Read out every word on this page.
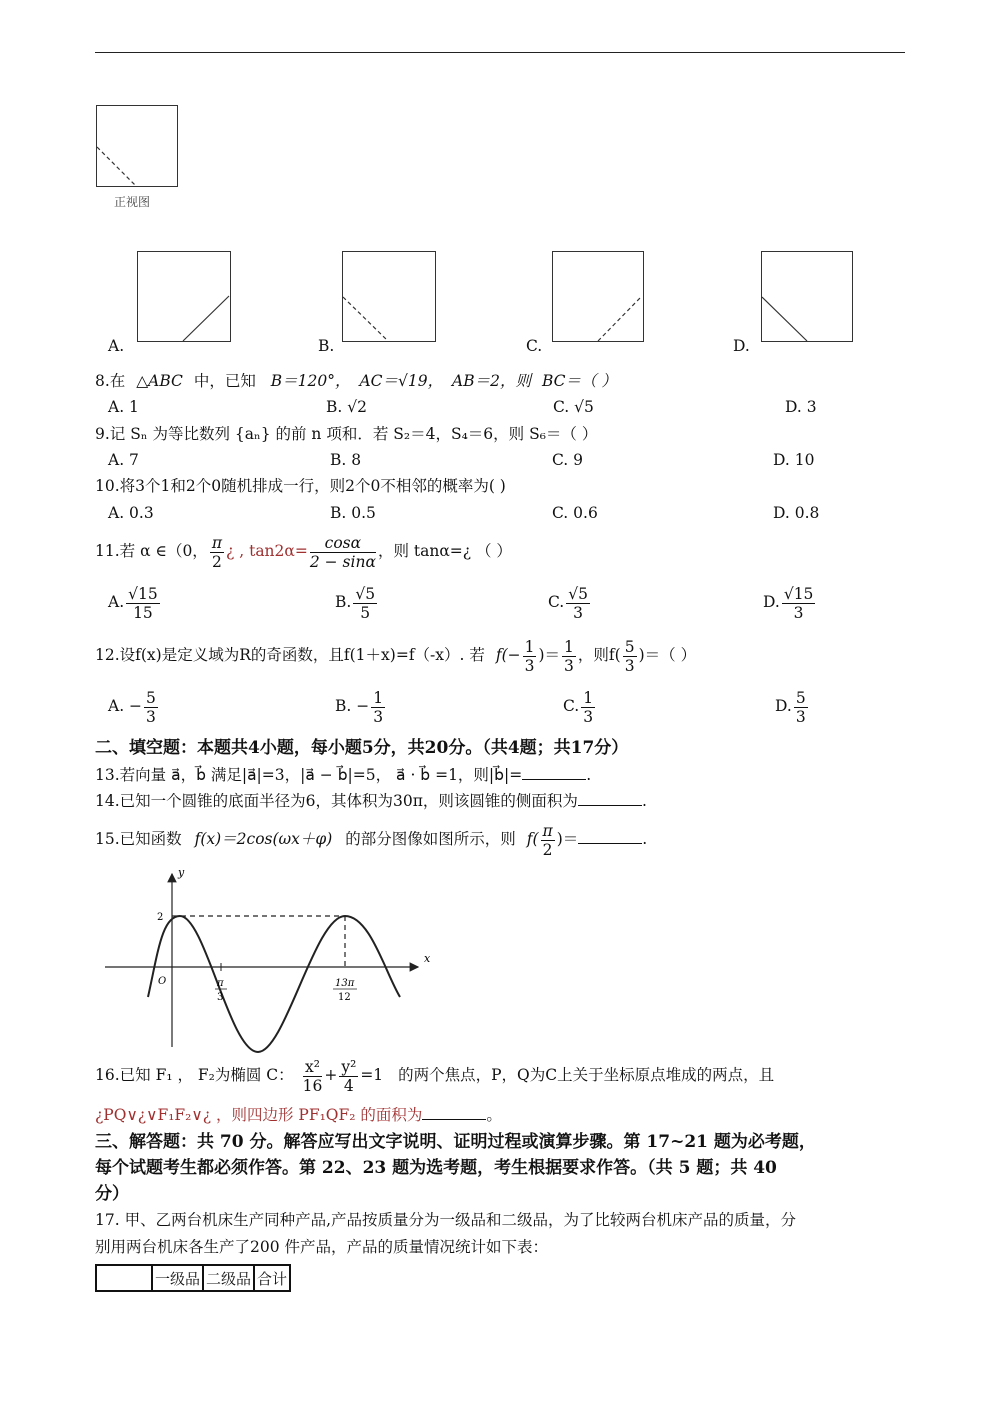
正视图
A.	B.	C.	D.
8.在 △ABC 中，已知 B＝120°， AC＝√19， AB＝2，则 BC＝（ ）
A. 1	B. √2	C. √5	D. 3
9.记 Sₙ 为等比数列 {aₙ} 的前 n 项和．若 S₂＝4，S₄＝6，则 S₆＝（ ）
A. 7	B. 8	C. 9	D. 10
10.将3个1和2个0随机排成一行，则2个0不相邻的概率为( )
A. 0.3	B. 0.5	C. 0.6	D. 0.8
11.若 α ∈（0， $\frac{\pi}{2}$ ¿ , $\tan 2\alpha= \frac{\cos\alpha}{2 - \sin\alpha}$ ，则 tanα=¿ （ ）
A. $\frac{√15}{15}$	B. $\frac{√5}{5}$	C. $\frac{√5}{3}$	D. $\frac{√15}{3}$
12.设f(x)是定义域为R的奇函数，且f(1＋x)=f（-x）. 若 $f(- \frac{1}{3}$ )＝ $\frac{1}{3}$ ，则$f( \frac{5}{3}$ )＝（ ）
A. − $\frac{5}{3}$	B. − $\frac{1}{3}$	C. $\frac{1}{3}$	D. $\frac{5}{3}$
二、填空题：本题共4小题，每小题5分，共20分。（共4题；共17分）
13.若向量 a⃗，b⃗ 满足|a⃗|=3，|a⃗ − b⃗|=5， a⃗ · b⃗ =1，则|b⃗|=	.
14.已知一个圆锥的底面半径为6，其体积为30π，则该圆锥的侧面积为	.
15.已知函数 f(x)＝2cos(ωx＋φ) 的部分图像如图所示，则 $f( \frac{\pi}{2}$ )＝	.
y
x
O
2
π
3
13π
12
16.已知 F₁ ， F₂为椭圆 C： $\frac{\text{x²}}{16} + \frac{\text{y²}}{4} =1$ 的两个焦点，P，Q为C上关于坐标原点堆成的两点，且
¿PQ∨¿∨F₁F₂∨¿ ，则四边形 PF₁QF₂ 的面积为	。
三、解答题：共 70 分。解答应写出文字说明、证明过程或演算步骤。第 17~21 题为必考题，
每个试题考生都必须作答。第 22、23 题为选考题，考生根据要求作答。（共 5 题；共 40
分）
17. 甲、乙两台机床生产同种产品,产品按质量分为一级品和二级品，为了比较两台机床产品的质量，分
别用两台机床各生产了200 件产品，产品的质量情况统计如下表：
	一级品	二级品	合计
